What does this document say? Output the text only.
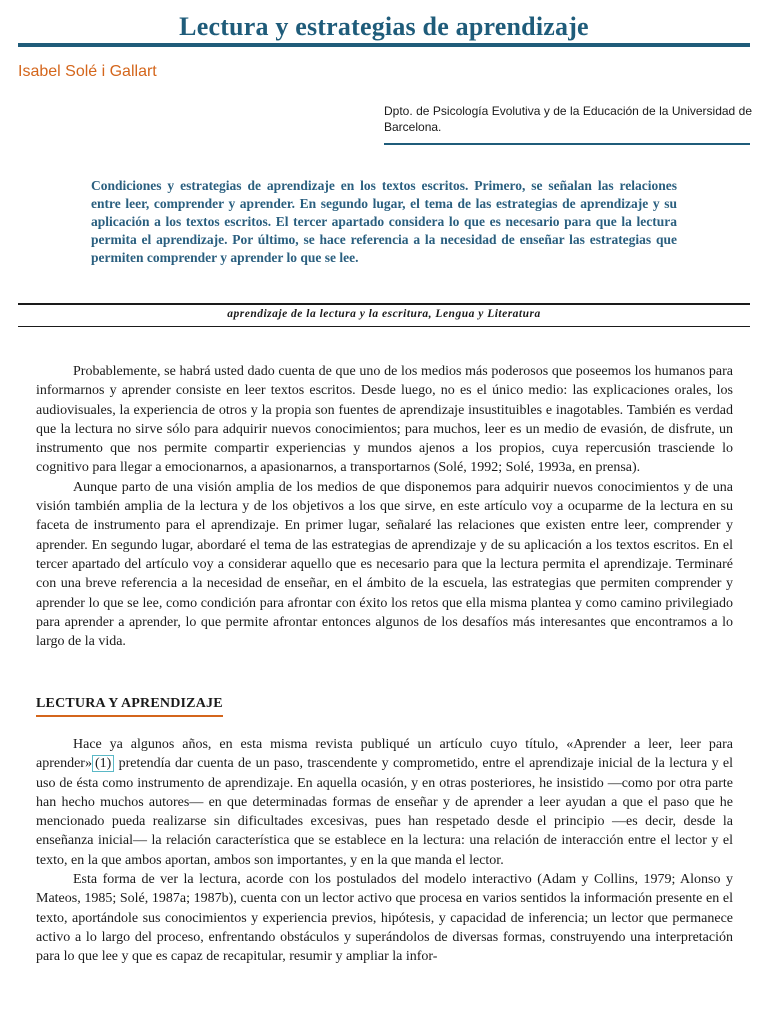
Lectura y estrategias de aprendizaje
Isabel Solé i Gallart
Dpto. de Psicología Evolutiva y de la Educación de la Universidad de Barcelona.
Condiciones y estrategias de aprendizaje en los textos escritos. Primero, se señalan las relaciones entre leer, comprender y aprender. En segundo lugar, el tema de las estrategias de aprendizaje y su aplicación a los textos escritos. El tercer apartado considera lo que es necesario para que la lectura permita el aprendizaje. Por último, se hace referencia a la necesidad de enseñar las estrategias que permiten comprender y aprender lo que se lee.
aprendizaje de la lectura y la escritura, Lengua y Literatura

Probablemente, se habrá usted dado cuenta de que uno de los medios más poderosos que poseemos los humanos para informarnos y aprender consiste en leer textos escritos. Desde luego, no es el único medio: las explicaciones orales, los audiovisuales, la experiencia de otros y la propia son fuentes de aprendizaje insustituibles e inagotables. También es verdad que la lectura no sirve sólo para adquirir nuevos conocimientos; para muchos, leer es un medio de evasión, de disfrute, un instrumento que nos permite compartir experiencias y mundos ajenos a los propios, cuya repercusión trasciende lo cognitivo para llegar a emocionarnos, a apasionarnos, a transportarnos (Solé, 1992; Solé, 1993a, en prensa).

Aunque parto de una visión amplia de los medios de que disponemos para adquirir nuevos conocimientos y de una visión también amplia de la lectura y de los objetivos a los que sirve, en este artículo voy a ocuparme de la lectura en su faceta de instrumento para el aprendizaje. En primer lugar, señalaré las relaciones que existen entre leer, comprender y aprender. En segundo lugar, abordaré el tema de las estrategias de aprendizaje y de su aplicación a los textos escritos. En el tercer apartado del artículo voy a considerar aquello que es necesario para que la lectura permita el aprendizaje. Terminaré con una breve referencia a la necesidad de enseñar, en el ámbito de la escuela, las estrategias que permiten comprender y aprender lo que se lee, como condición para afrontar con éxito los retos que ella misma plantea y como camino privilegiado para aprender a aprender, lo que permite afrontar entonces algunos de los desafíos más interesantes que encontramos a lo largo de la vida.

LECTURA Y APRENDIZAJE

Hace ya algunos años, en esta misma revista publiqué un artículo cuyo título, «Aprender a leer, leer para aprender» (1) pretendía dar cuenta de un paso, trascendente y comprometido, entre el aprendizaje inicial de la lectura y el uso de ésta como instrumento de aprendizaje. En aquella ocasión, y en otras posteriores, he insistido —como por otra parte han hecho muchos autores— en que determinadas formas de enseñar y de aprender a leer ayudan a que el paso que he mencionado pueda realizarse sin dificultades excesivas, pues han respetado desde el principio —es decir, desde la enseñanza inicial— la relación característica que se establece en la lectura: una relación de interacción entre el lector y el texto, en la que ambos aportan, ambos son importantes, y en la que manda el lector.

Esta forma de ver la lectura, acorde con los postulados del modelo interactivo (Adam y Collins, 1979; Alonso y Mateos, 1985; Solé, 1987a; 1987b), cuenta con un lector activo que procesa en varios sentidos la información presente en el texto, aportándole sus conocimientos y experiencia previos, hipótesis, y capacidad de inferencia; un lector que permanece activo a lo largo del proceso, enfrentando obstáculos y superándolos de diversas formas, construyendo una interpretación para lo que lee y que es capaz de recapitular, resumir y ampliar la infor-
